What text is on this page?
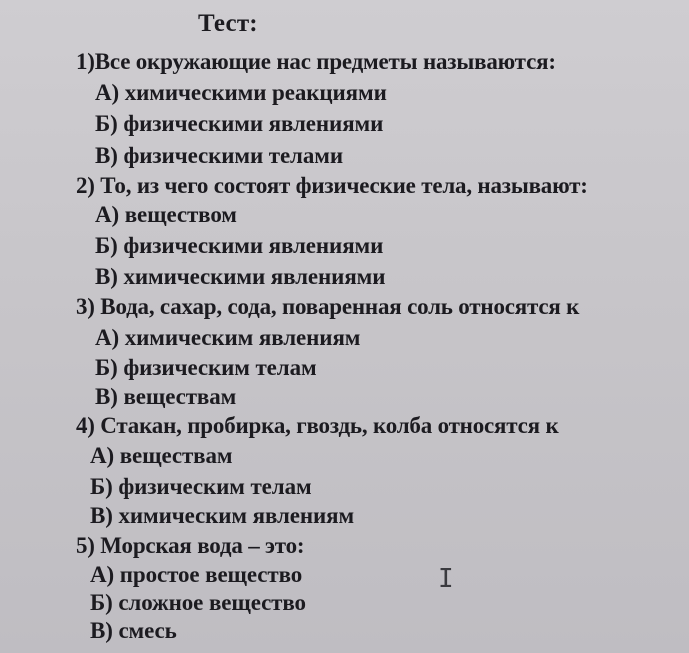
Тест:
1)Все окружающие нас предметы называются:
А) химическими реакциями
Б) физическими явлениями
В) физическими телами
2) То, из чего состоят физические тела, называют:
А) веществом
Б) физическими явлениями
В) химическими явлениями
3) Вода, сахар, сода, поваренная соль относятся к
А) химическим явлениям
Б) физическим телам
В) веществам
4) Стакан, пробирка, гвоздь, колба относятся к
А) веществам
Б) физическим телам
В) химическим явлениям
5) Морская вода – это:
А) простое вещество
Б) сложное вещество
В) смесь
I
